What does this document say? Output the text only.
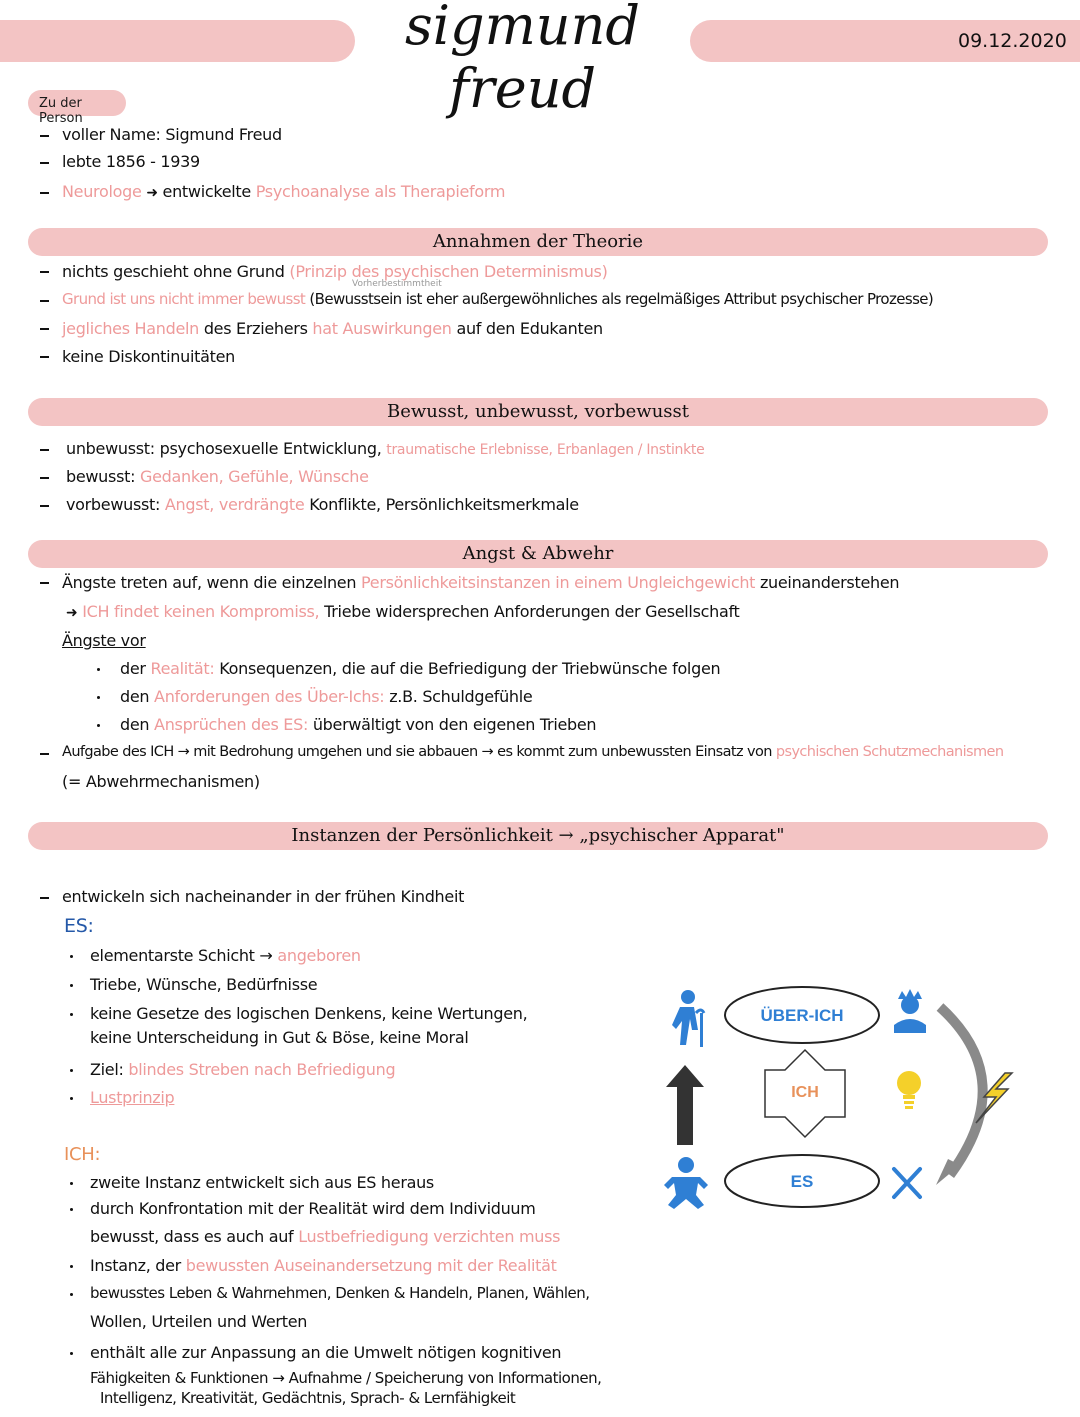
sigmund freud
09.12.2020
Zu der Person
voller Name: Sigmund Freud
lebte 1856 - 1939
Neurologe ➜ entwickelte Psychoanalyse als Therapieform
Annahmen der Theorie
Vorherbestimmtheit
nichts geschieht ohne Grund (Prinzip des psychischen Determinismus)
Grund ist uns nicht immer bewusst (Bewusstsein ist eher außergewöhnliches als regelmäßiges Attribut psychischer Prozesse)
jegliches Handeln des Erziehers hat Auswirkungen auf den Edukanten
keine Diskontinuitäten
Bewusst, unbewusst, vorbewusst
unbewusst: psychosexuelle Entwicklung, traumatische Erlebnisse, Erbanlagen / Instinkte
bewusst: Gedanken, Gefühle, Wünsche
vorbewusst: Angst, verdrängte Konflikte, Persönlichkeitsmerkmale
Angst & Abwehr
Ängste treten auf, wenn die einzelnen Persönlichkeitsinstanzen in einem Ungleichgewicht zueinanderstehen
➜ ICH findet keinen Kompromiss, Triebe widersprechen Anforderungen der Gesellschaft
Ängste vor
der Realität: Konsequenzen, die auf die Befriedigung der Triebwünsche folgen
den Anforderungen des Über-Ichs: z.B. Schuldgefühle
den Ansprüchen des ES: überwältigt von den eigenen Trieben
Aufgabe des ICH → mit Bedrohung umgehen und sie abbauen → es kommt zum unbewussten Einsatz von psychischen Schutzmechanismen
(= Abwehrmechanismen)
Instanzen der Persönlichkeit → „psychischer Apparat"
entwickeln sich nacheinander in der frühen Kindheit
ES:
elementarste Schicht → angeboren
Triebe, Wünsche, Bedürfnisse
keine Gesetze des logischen Denkens, keine Wertungen,
keine Unterscheidung in Gut & Böse, keine Moral
Ziel: blindes Streben nach Befriedigung
Lustprinzip
ICH:
zweite Instanz entwickelt sich aus ES heraus
durch Konfrontation mit der Realität wird dem Individuum
bewusst, dass es auch auf Lustbefriedigung verzichten muss
Instanz, der bewussten Auseinandersetzung mit der Realität
bewusstes Leben & Wahrnehmen, Denken & Handeln, Planen, Wählen,
Wollen, Urteilen und Werten
enthält alle zur Anpassung an die Umwelt nötigen kognitiven
Fähigkeiten & Funktionen → Aufnahme / Speicherung von Informationen,
Intelligenz, Kreativität, Gedächtnis, Sprach- & Lernfähigkeit
ÜBER-ICH
ICH
ES
